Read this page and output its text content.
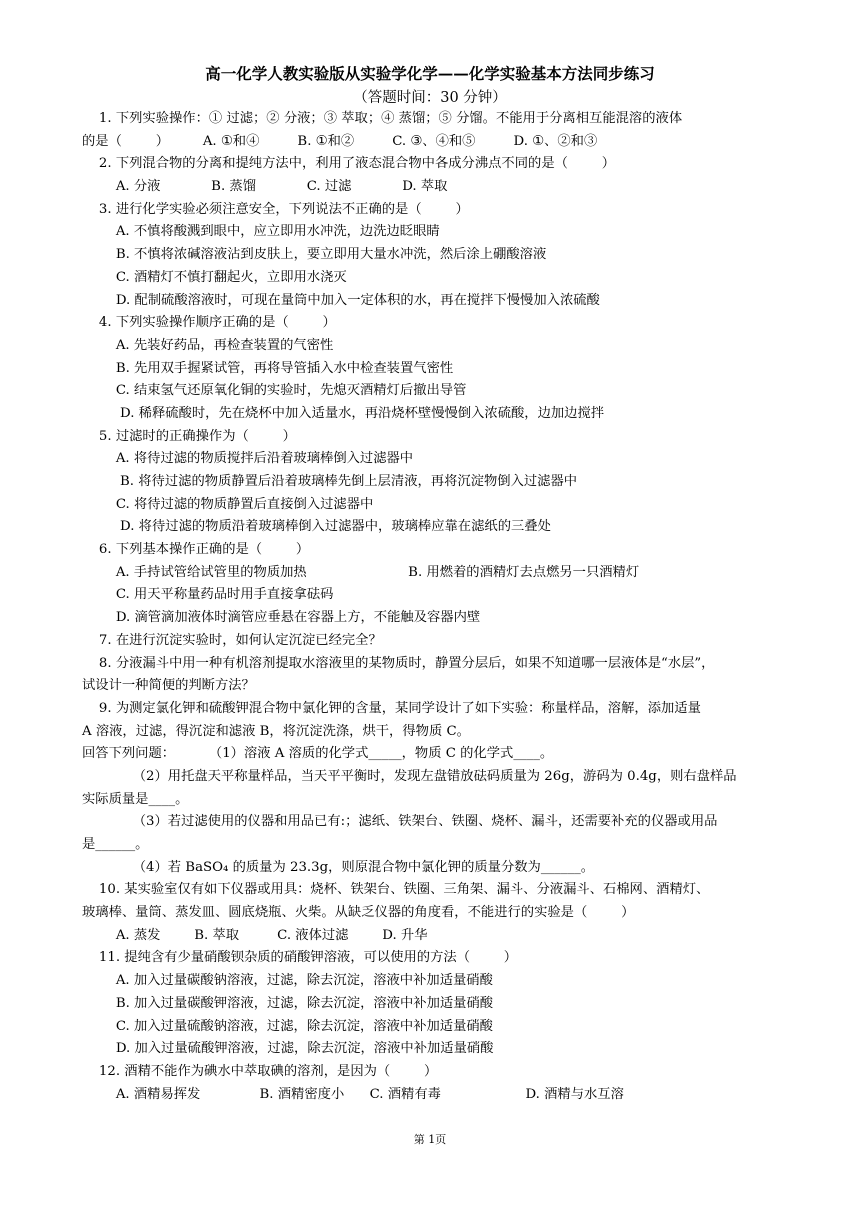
高一化学人教实验版从实验学化学——化学实验基本方法同步练习
（答题时间：30 分钟）
1. 下列实验操作：① 过滤；② 分液；③ 萃取；④ 蒸馏；⑤ 分馏。不能用于分离相互能混溶的液体
的是（        ）        A. ①和④         B. ①和②         C. ③、④和⑤         D. ①、②和③
2. 下列混合物的分离和提纯方法中，利用了液态混合物中各成分沸点不同的是（        ）
A. 分液            B. 蒸馏            C. 过滤            D. 萃取
3. 进行化学实验必须注意安全，下列说法不正确的是（        ）
A. 不慎将酸溅到眼中，应立即用水冲洗，边洗边眨眼睛
B. 不慎将浓碱溶液沾到皮肤上，要立即用大量水冲洗，然后涂上硼酸溶液
C. 酒精灯不慎打翻起火，立即用水浇灭
D. 配制硫酸溶液时，可现在量筒中加入一定体积的水，再在搅拌下慢慢加入浓硫酸
4. 下列实验操作顺序正确的是（        ）
A. 先装好药品，再检查装置的气密性
B. 先用双手握紧试管，再将导管插入水中检查装置气密性
C. 结束氢气还原氧化铜的实验时，先熄灭酒精灯后撤出导管
D. 稀释硫酸时，先在烧杯中加入适量水，再沿烧杯壁慢慢倒入浓硫酸，边加边搅拌
5. 过滤时的正确操作为（        ）
A. 将待过滤的物质搅拌后沿着玻璃棒倒入过滤器中
B. 将待过滤的物质静置后沿着玻璃棒先倒上层清液，再将沉淀物倒入过滤器中
C. 将待过滤的物质静置后直接倒入过滤器中
D. 将待过滤的物质沿着玻璃棒倒入过滤器中，玻璃棒应靠在滤纸的三叠处
6. 下列基本操作正确的是（        ）
A. 手持试管给试管里的物质加热                        B. 用燃着的酒精灯去点燃另一只酒精灯
C. 用天平称量药品时用手直接拿砝码
D. 滴管滴加液体时滴管应垂悬在容器上方，不能触及容器内壁
7. 在进行沉淀实验时，如何认定沉淀已经完全？
8. 分液漏斗中用一种有机溶剂提取水溶液里的某物质时，静置分层后，如果不知道哪一层液体是“水层”，
试设计一种简便的判断方法？
9. 为测定氯化钾和硫酸钾混合物中氯化钾的含量，某同学设计了如下实验：称量样品，溶解，添加适量
A 溶液，过滤，得沉淀和滤液 B，将沉淀洗涤，烘干，得物质 C。
回答下列问题：        （1）溶液 A 溶质的化学式_____，物质 C 的化学式____。
（2）用托盘天平称量样品，当天平平衡时，发现左盘错放砝码质量为 26g，游码为 0.4g，则右盘样品
实际质量是____。
（3）若过滤使用的仪器和用品已有:；滤纸、铁架台、铁圈、烧杯、漏斗，还需要补充的仪器或用品
是______。
（4）若 BaSO₄ 的质量为 23.3g，则原混合物中氯化钾的质量分数为______。
10. 某实验室仅有如下仪器或用具：烧杯、铁架台、铁圈、三角架、漏斗、分液漏斗、石棉网、酒精灯、
玻璃棒、量筒、蒸发皿、圆底烧瓶、火柴。从缺乏仪器的角度看，不能进行的实验是（        ）
A. 蒸发        B. 萃取         C. 液体过滤        D. 升华
11. 提纯含有少量硝酸钡杂质的硝酸钾溶液，可以使用的方法（        ）
A. 加入过量碳酸钠溶液，过滤，除去沉淀，溶液中补加适量硝酸
B. 加入过量碳酸钾溶液，过滤，除去沉淀，溶液中补加适量硝酸
C. 加入过量硫酸钠溶液，过滤，除去沉淀，溶液中补加适量硝酸
D. 加入过量硫酸钾溶液，过滤，除去沉淀，溶液中补加适量硝酸
12. 酒精不能作为碘水中萃取碘的溶剂，是因为（        ）
A. 酒精易挥发              B. 酒精密度小      C. 酒精有毒                    D. 酒精与水互溶
第 1页
